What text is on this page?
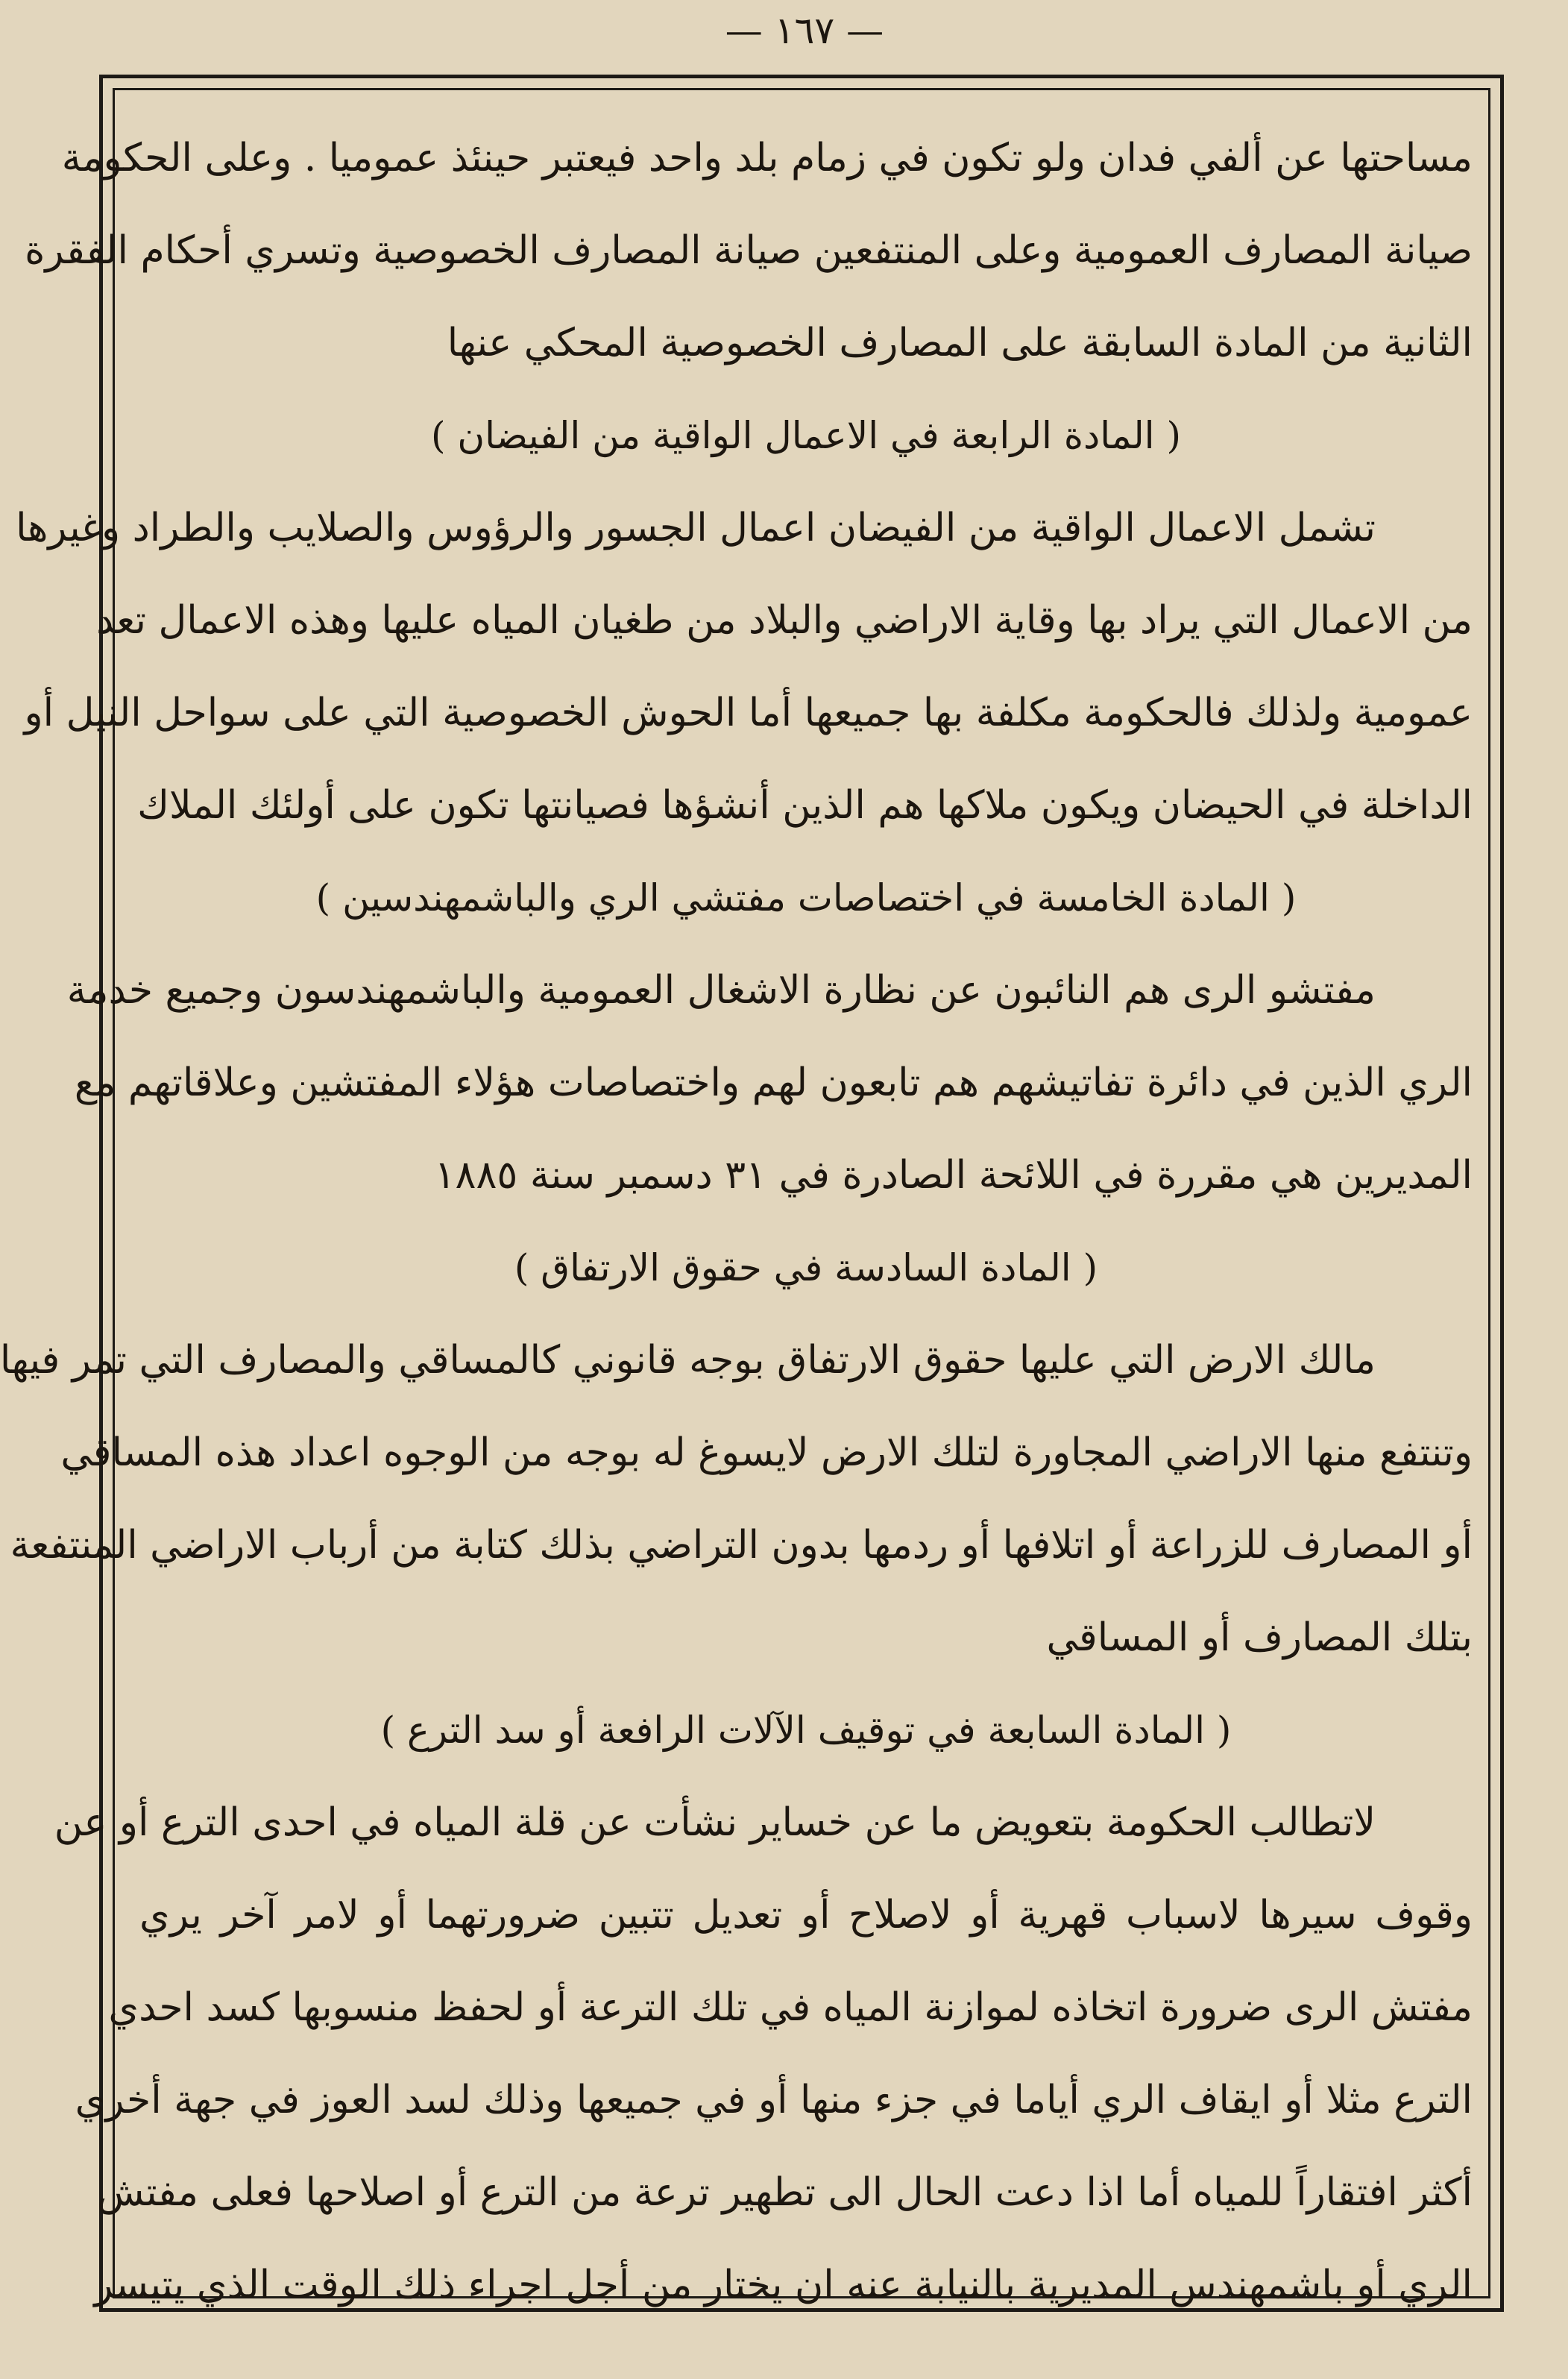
— ١٦٧ —
مساحتها عن ألفي فدان ولو تكون في زمام بلد واحد فيعتبر حينئذ عموميا . وعلى الحكومة
صيانة المصارف العمومية وعلى المنتفعين صيانة المصارف الخصوصية وتسري أحكام الفقرة
الثانية من المادة السابقة على المصارف الخصوصية المحكي عنها
( المادة الرابعة في الاعمال الواقية من الفيضان )
تشمل الاعمال الواقية من الفيضان اعمال الجسور والرؤوس والصلايب والطراد وغيرها
من الاعمال التي يراد بها وقاية الاراضي والبلاد من طغيان المياه عليها وهذه الاعمال تعد
عمومية ولذلك فالحكومة مكلفة بها جميعها أما الحوش الخصوصية التي على سواحل النيل أو
الداخلة في الحيضان ويكون ملاكها هم الذين أنشؤها فصيانتها تكون على أولئك الملاك
( المادة الخامسة في اختصاصات مفتشي الري والباشمهندسين )
مفتشو الرى هم النائبون عن نظارة الاشغال العمومية والباشمهندسون وجميع خدمة
الري الذين في دائرة تفاتيشهم هم تابعون لهم واختصاصات هؤلاء المفتشين وعلاقاتهم مع
المديرين هي مقررة في اللائحة الصادرة في ٣١ دسمبر سنة ١٨٨٥
( المادة السادسة في حقوق الارتفاق )
مالك الارض التي عليها حقوق الارتفاق بوجه قانوني كالمساقي والمصارف التي تمر فيها
وتنتفع منها الاراضي المجاورة لتلك الارض لايسوغ له بوجه من الوجوه اعداد هذه المساقي
أو المصارف للزراعة أو اتلافها أو ردمها بدون التراضي بذلك كتابة من أرباب الاراضي المنتفعة
بتلك المصارف أو المساقي
( المادة السابعة في توقيف الآلات الرافعة أو سد الترع )
لاتطالب الحكومة بتعويض ما عن خساير نشأت عن قلة المياه في احدى الترع أو عن
وقوف سيرها لاسباب قهرية أو لاصلاح أو تعديل تتبين ضرورتهما أو لامر آخر يري
مفتش الرى ضرورة اتخاذه لموازنة المياه في تلك الترعة أو لحفظ منسوبها كسد احدي
الترع مثلا أو ايقاف الري أياما في جزء منها أو في جميعها وذلك لسد العوز في جهة أخري
أكثر افتقاراً للمياه أما اذا دعت الحال الى تطهير ترعة من الترع أو اصلاحها فعلى مفتش
الري أو باشمهندس المديرية بالنيابة عنه ان يختار من أجل اجراء ذلك الوقت الذي يتيسر
